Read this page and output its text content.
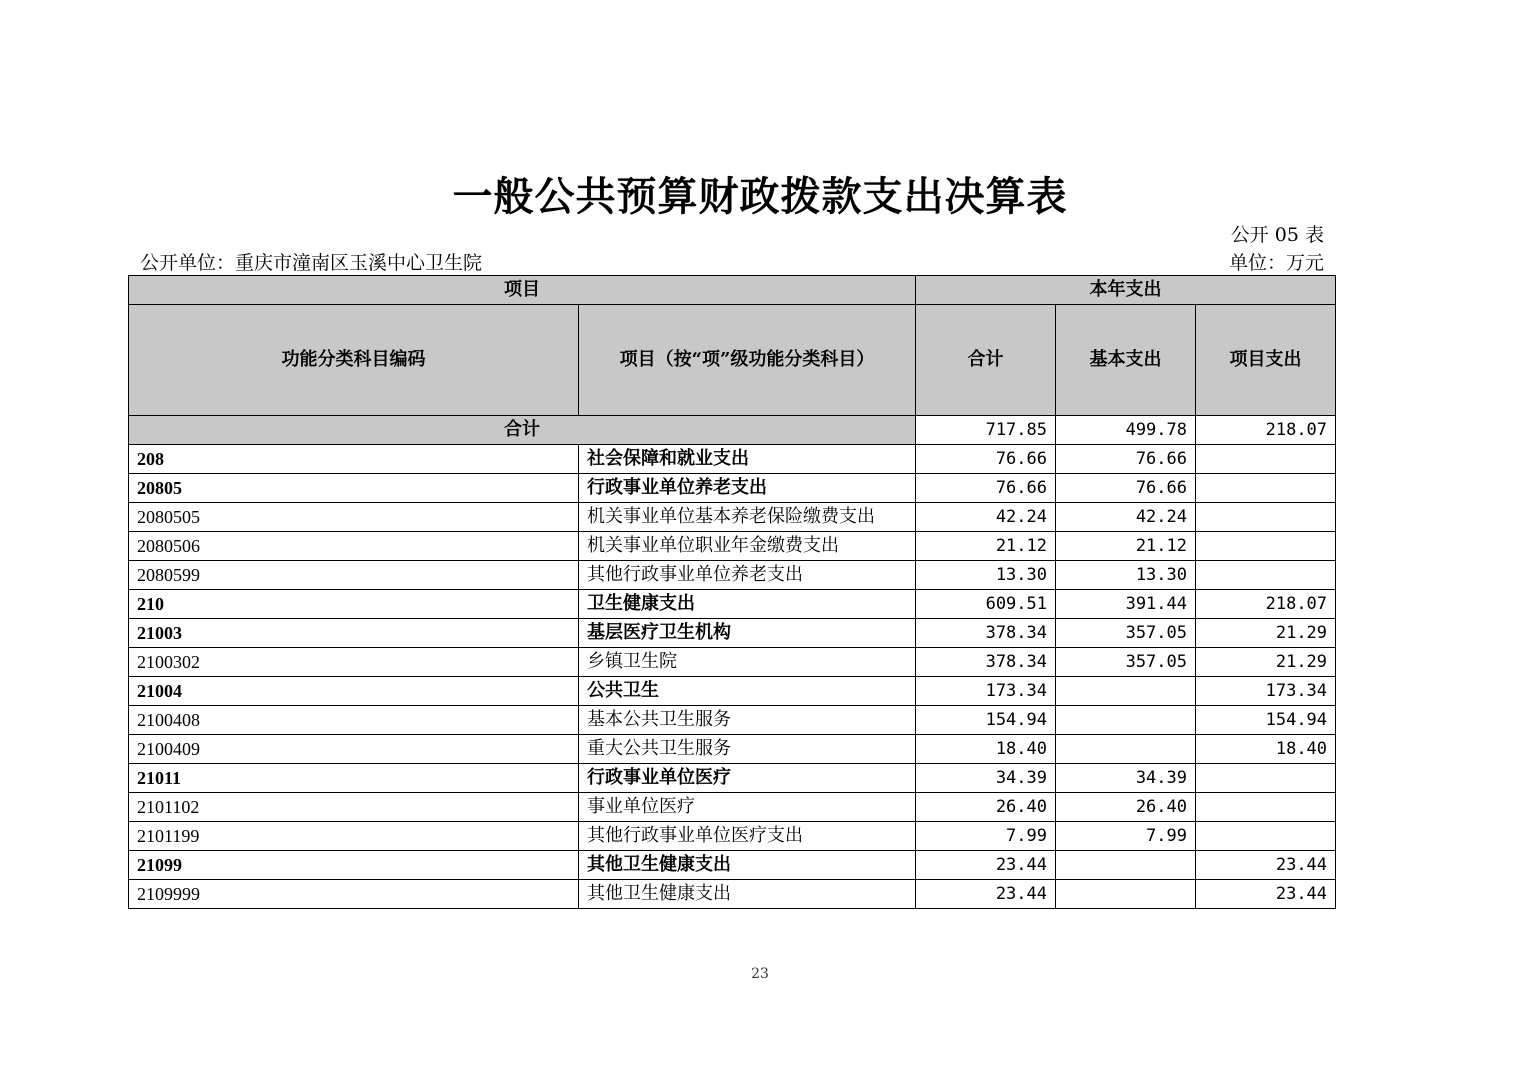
一般公共预算财政拨款支出决算表
公开 05 表
公开单位：重庆市潼南区玉溪中心卫生院	单位：万元
项目		本年支出		
功能分类科目编码	项目（按“项”级功能分类科目）	合计	基本支出	项目支出
合计		717.85	499.78	218.07
208	社会保障和就业支出	76.66	76.66	
20805	行政事业单位养老支出	76.66	76.66	
2080505	机关事业单位基本养老保险缴费支出	42.24	42.24	
2080506	机关事业单位职业年金缴费支出	21.12	21.12	
2080599	其他行政事业单位养老支出	13.30	13.30	
210	卫生健康支出	609.51	391.44	218.07
21003	基层医疗卫生机构	378.34	357.05	21.29
2100302	乡镇卫生院	378.34	357.05	21.29
21004	公共卫生	173.34		173.34
2100408	基本公共卫生服务	154.94		154.94
2100409	重大公共卫生服务	18.40		18.40
21011	行政事业单位医疗	34.39	34.39	
2101102	事业单位医疗	26.40	26.40	
2101199	其他行政事业单位医疗支出	7.99	7.99	
21099	其他卫生健康支出	23.44		23.44
2109999	其他卫生健康支出	23.44		23.44
23
